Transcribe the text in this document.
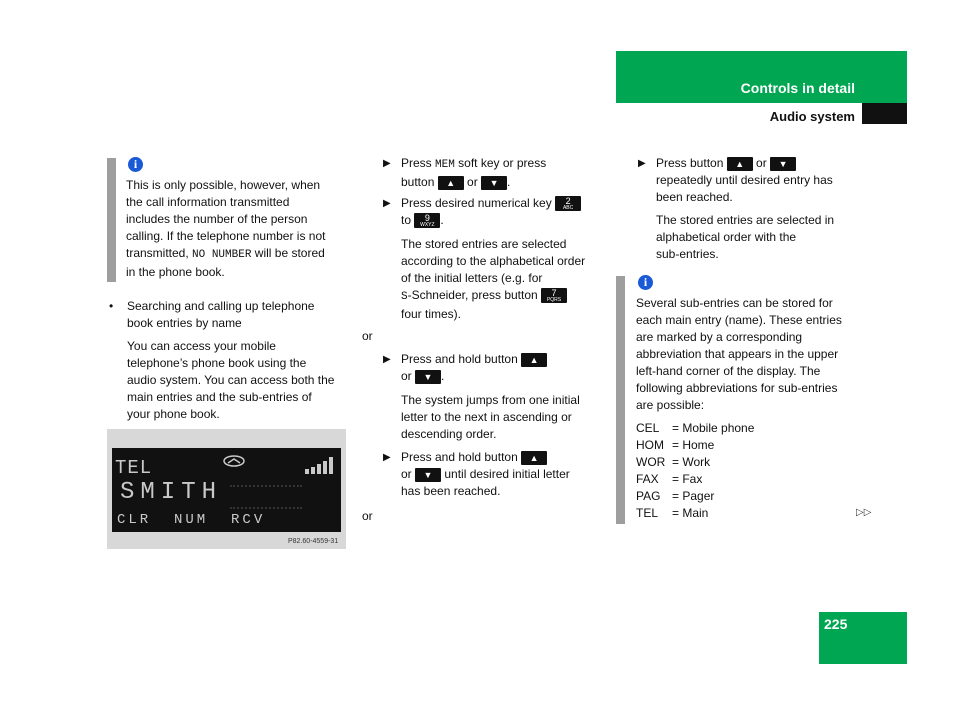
Controls in detail
Audio system
i
This is only possible, however, when
the call information transmitted
includes the number of the person
calling. If the telephone number is not
transmitted, NO NUMBER will be stored
in the phone book.
• Searching and calling up telephone
book entries by name
You can access your mobile
telephone’s phone book using the
audio system. You can access both the
main entries and the sub-entries of
your phone book.
TEL
SMITH
CLR  NUM  RCV
P82.60-4559-31
▶ Press MEM soft key or press
button ▲ or ▼ .
▶ Press desired numerical key 2
ABC
to 9
WXYZ .
The stored entries are selected
according to the alphabetical order
of the initial letters (e.g. for
S-Schneider, press button 7
PQRS
four times).
or
▶ Press and hold button ▲
or ▼ .
The system jumps from one initial
letter to the next in ascending or
descending order.
▶ Press and hold button ▲
or ▼ until desired initial letter
has been reached.
or
▶ Press button ▲ or ▼
repeatedly until desired entry has
been reached.
The stored entries are selected in
alphabetical order with the
sub-entries.
i
Several sub-entries can be stored for
each main entry (name). These entries
are marked by a corresponding
abbreviation that appears in the upper
left-hand corner of the display. The
following abbreviations for sub-entries
are possible:
CEL = Mobile phone
HOM = Home
WOR = Work
FAX = Fax
PAG = Pager
TEL = Main	▷▷
225
